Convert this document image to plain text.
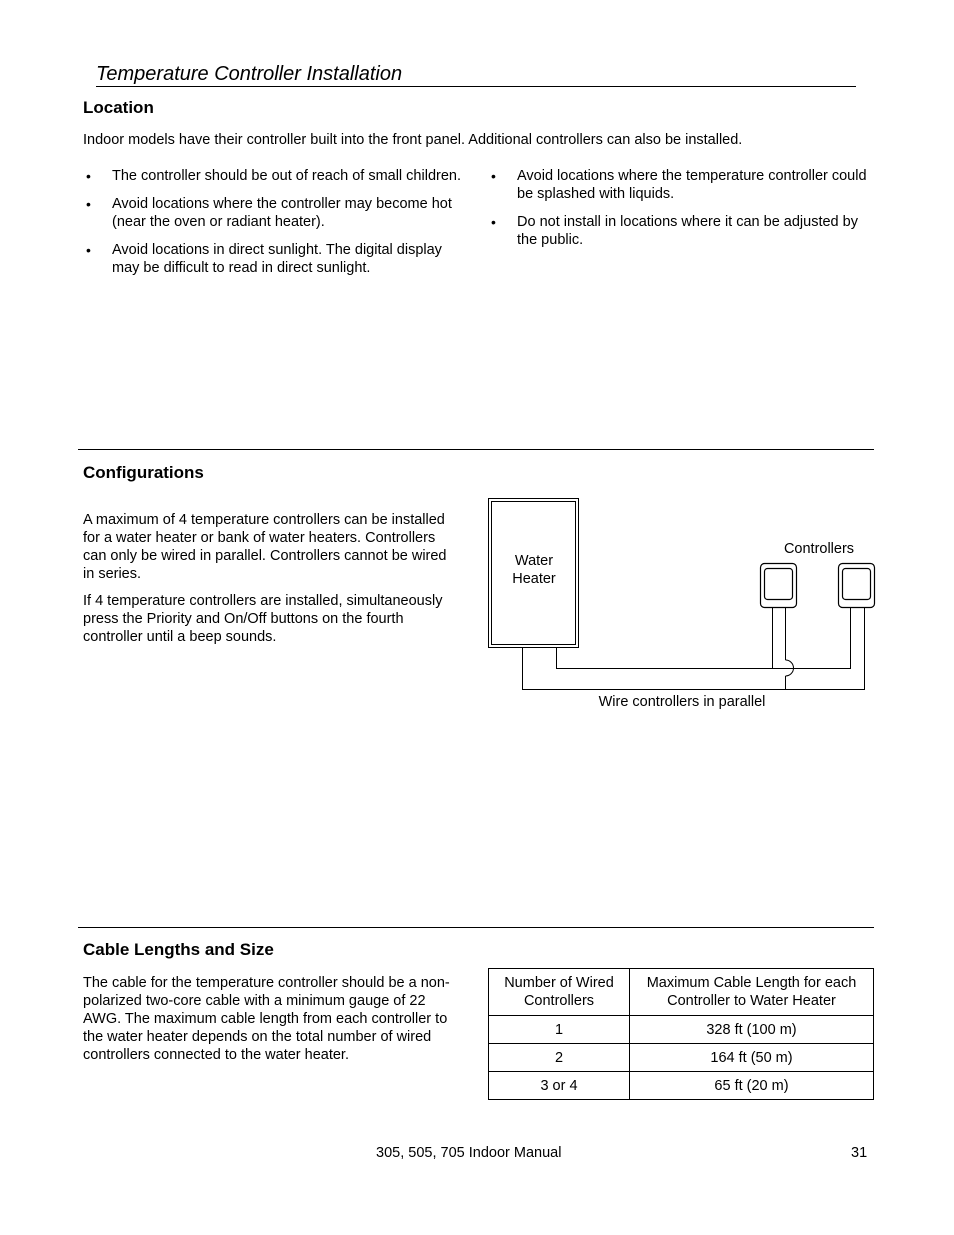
Temperature Controller Installation
Location

Indoor models have their controller built into the front panel. Additional controllers can also be installed.

• The controller should be out of reach of small children.
• Avoid locations where the controller may become hot (near the oven or radiant heater).
• Avoid locations in direct sunlight. The digital display may be difficult to read in direct sunlight.
• Avoid locations where the temperature controller could be splashed with liquids.
• Do not install in locations where it can be adjusted by the public.
Configurations

A maximum of 4 temperature controllers can be installed for a water heater or bank of water heaters. Controllers can only be wired in parallel. Controllers cannot be wired in series.

If 4 temperature controllers are installed, simultaneously press the Priority and On/Off buttons on the fourth controller until a beep sounds.

Water
Heater
Controllers
Wire controllers in parallel
Cable Lengths and Size

The cable for the temperature controller should be a non-polarized two-core cable with a minimum gauge of 22 AWG. The maximum cable length from each controller to the water heater depends on the total number of wired controllers connected to the water heater.

Number of Wired
Controllers	Maximum Cable Length for each
Controller to Water Heater
1	328 ft (100 m)
2	164 ft (50 m)
3 or 4	65 ft (20 m)
305, 505, 705 Indoor Manual	31
